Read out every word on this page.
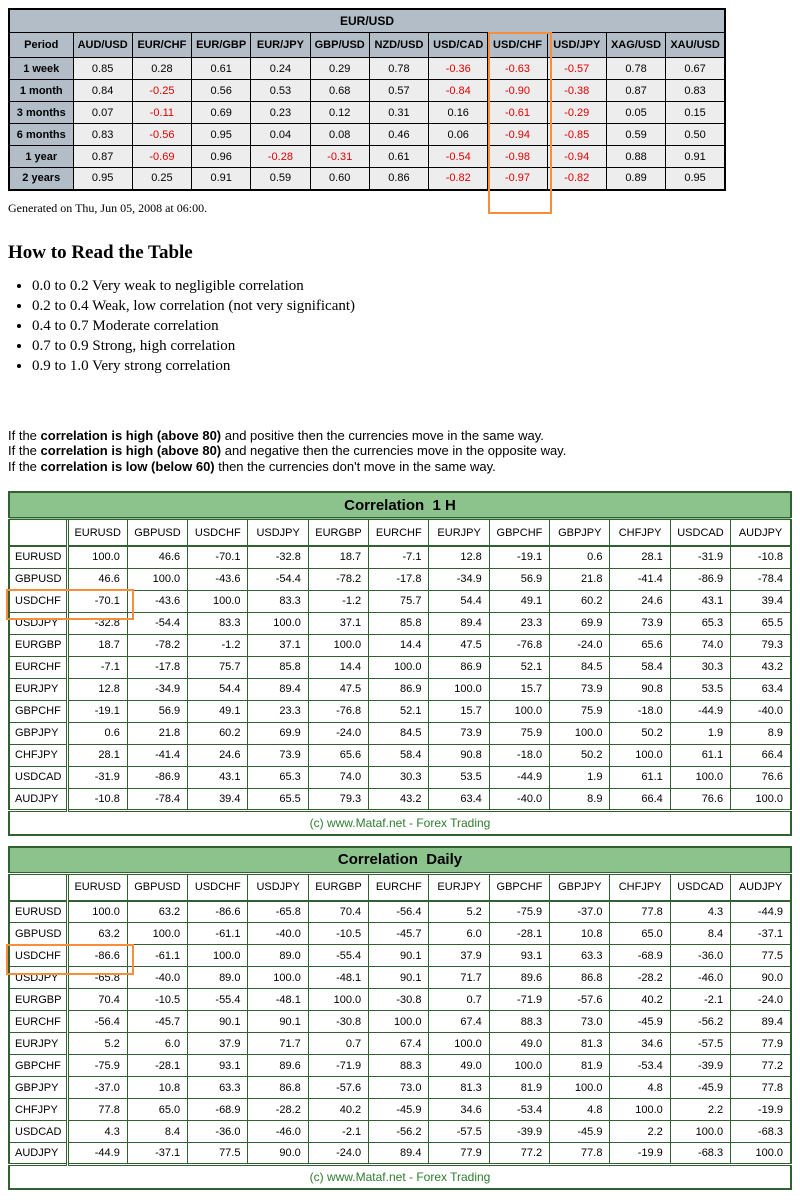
EUR/USD											
Period	AUD/USD	EUR/CHF	EUR/GBP	EUR/JPY	GBP/USD	NZD/USD	USD/CAD	USD/CHF	USD/JPY	XAG/USD	XAU/USD
1 week	0.85	0.28	0.61	0.24	0.29	0.78	-0.36	-0.63	-0.57	0.78	0.67
1 month	0.84	-0.25	0.56	0.53	0.68	0.57	-0.84	-0.90	-0.38	0.87	0.83
3 months	0.07	-0.11	0.69	0.23	0.12	0.31	0.16	-0.61	-0.29	0.05	0.15
6 months	0.83	-0.56	0.95	0.04	0.08	0.46	0.06	-0.94	-0.85	0.59	0.50
1 year	0.87	-0.69	0.96	-0.28	-0.31	0.61	-0.54	-0.98	-0.94	0.88	0.91
2 years	0.95	0.25	0.91	0.59	0.60	0.86	-0.82	-0.97	-0.82	0.89	0.95

Generated on Thu, Jun 05, 2008 at 06:00.

How to Read the Table
• 0.0 to 0.2 Very weak to negligible correlation
• 0.2 to 0.4 Weak, low correlation (not very significant)
• 0.4 to 0.7 Moderate correlation
• 0.7 to 0.9 Strong, high correlation
• 0.9 to 1.0 Very strong correlation
If the correlation is high (above 80) and positive then the currencies move in the same way.
If the correlation is high (above 80) and negative then the currencies move in the opposite way.
If the correlation is low (below 60) then the currencies don't move in the same way.
Correlation  1 H												
	EURUSD	GBPUSD	USDCHF	USDJPY	EURGBP	EURCHF	EURJPY	GBPCHF	GBPJPY	CHFJPY	USDCAD	AUDJPY
EURUSD	100.0	46.6	-70.1	-32.8	18.7	-7.1	12.8	-19.1	0.6	28.1	-31.9	-10.8
GBPUSD	46.6	100.0	-43.6	-54.4	-78.2	-17.8	-34.9	56.9	21.8	-41.4	-86.9	-78.4
USDCHF	-70.1	-43.6	100.0	83.3	-1.2	75.7	54.4	49.1	60.2	24.6	43.1	39.4
USDJPY	-32.8	-54.4	83.3	100.0	37.1	85.8	89.4	23.3	69.9	73.9	65.3	65.5
EURGBP	18.7	-78.2	-1.2	37.1	100.0	14.4	47.5	-76.8	-24.0	65.6	74.0	79.3
EURCHF	-7.1	-17.8	75.7	85.8	14.4	100.0	86.9	52.1	84.5	58.4	30.3	43.2
EURJPY	12.8	-34.9	54.4	89.4	47.5	86.9	100.0	15.7	73.9	90.8	53.5	63.4
GBPCHF	-19.1	56.9	49.1	23.3	-76.8	52.1	15.7	100.0	75.9	-18.0	-44.9	-40.0
GBPJPY	0.6	21.8	60.2	69.9	-24.0	84.5	73.9	75.9	100.0	50.2	1.9	8.9
CHFJPY	28.1	-41.4	24.6	73.9	65.6	58.4	90.8	-18.0	50.2	100.0	61.1	66.4
USDCAD	-31.9	-86.9	43.1	65.3	74.0	30.3	53.5	-44.9	1.9	61.1	100.0	76.6
AUDJPY	-10.8	-78.4	39.4	65.5	79.3	43.2	63.4	-40.0	8.9	66.4	76.6	100.0
(c) www.Mataf.net - Forex Trading												
Correlation  Daily												
	EURUSD	GBPUSD	USDCHF	USDJPY	EURGBP	EURCHF	EURJPY	GBPCHF	GBPJPY	CHFJPY	USDCAD	AUDJPY
EURUSD	100.0	63.2	-86.6	-65.8	70.4	-56.4	5.2	-75.9	-37.0	77.8	4.3	-44.9
GBPUSD	63.2	100.0	-61.1	-40.0	-10.5	-45.7	6.0	-28.1	10.8	65.0	8.4	-37.1
USDCHF	-86.6	-61.1	100.0	89.0	-55.4	90.1	37.9	93.1	63.3	-68.9	-36.0	77.5
USDJPY	-65.8	-40.0	89.0	100.0	-48.1	90.1	71.7	89.6	86.8	-28.2	-46.0	90.0
EURGBP	70.4	-10.5	-55.4	-48.1	100.0	-30.8	0.7	-71.9	-57.6	40.2	-2.1	-24.0
EURCHF	-56.4	-45.7	90.1	90.1	-30.8	100.0	67.4	88.3	73.0	-45.9	-56.2	89.4
EURJPY	5.2	6.0	37.9	71.7	0.7	67.4	100.0	49.0	81.3	34.6	-57.5	77.9
GBPCHF	-75.9	-28.1	93.1	89.6	-71.9	88.3	49.0	100.0	81.9	-53.4	-39.9	77.2
GBPJPY	-37.0	10.8	63.3	86.8	-57.6	73.0	81.3	81.9	100.0	4.8	-45.9	77.8
CHFJPY	77.8	65.0	-68.9	-28.2	40.2	-45.9	34.6	-53.4	4.8	100.0	2.2	-19.9
USDCAD	4.3	8.4	-36.0	-46.0	-2.1	-56.2	-57.5	-39.9	-45.9	2.2	100.0	-68.3
AUDJPY	-44.9	-37.1	77.5	90.0	-24.0	89.4	77.9	77.2	77.8	-19.9	-68.3	100.0
(c) www.Mataf.net - Forex Trading												
